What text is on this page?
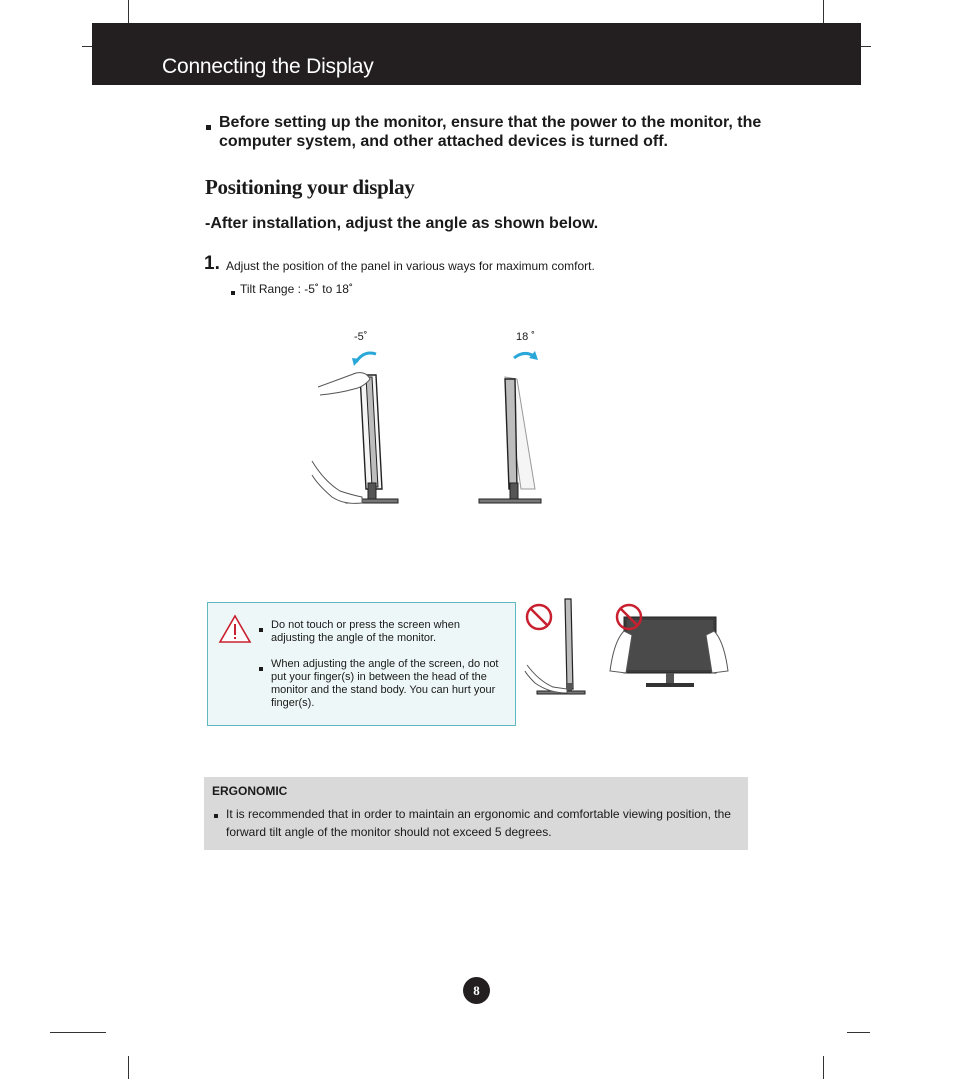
Connecting the Display
Before setting up the monitor, ensure that the power to the monitor, the computer system, and other attached devices is turned off.
Positioning your display
-After installation, adjust the angle as shown below.
1. Adjust the position of the panel in various ways for maximum comfort.
Tilt Range : -5˚ to 18˚
-5˚	18 ˚
Do not touch or press the screen when adjusting the angle of the monitor.
When adjusting the angle of the screen, do not put your finger(s) in between the head of the monitor and the stand body. You can hurt your finger(s).
ERGONOMIC
It is recommended that in order to maintain an ergonomic and comfortable viewing position, the forward tilt angle of the monitor should not exceed 5 degrees.
8
